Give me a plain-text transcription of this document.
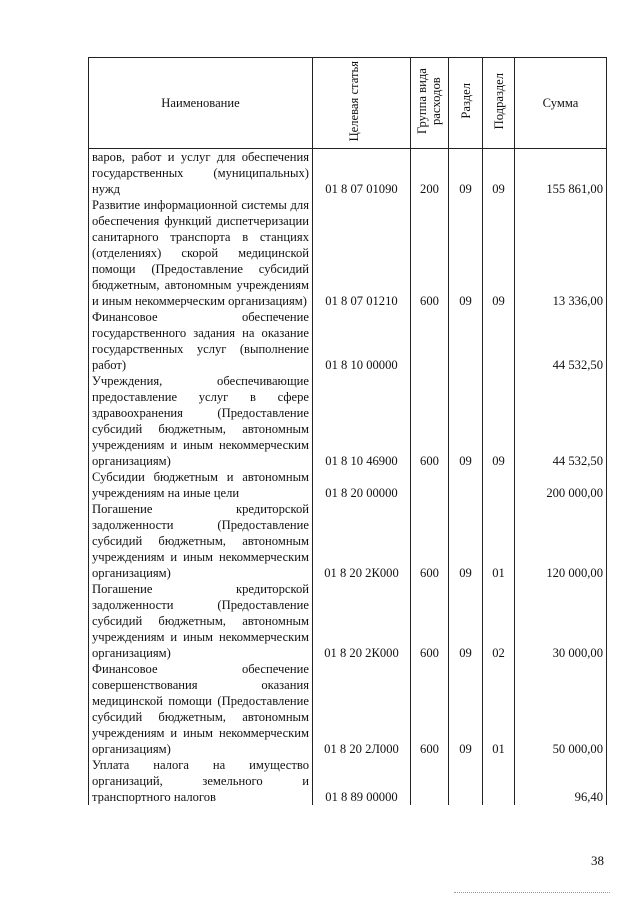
Наименование	Целевая статья	Группа вида расходов	Раздел	Подраздел	Сумма
варов, работ и услуг для обеспечения государственных (муниципальных) нужд	01 8 07 01090	200	09	09	155 861,00
Развитие информационной системы для обеспечения функций диспетчеризации санитарного транспорта в станциях (отделениях) скорой медицинской помощи (Предоставление субсидий бюджетным, автономным учреждениям и иным некоммерческим организациям)	01 8 07 01210	600	09	09	13 336,00
Финансовое обеспечение государственного задания на оказание государственных услуг (выполнение работ)	01 8 10 00000				44 532,50
Учреждения, обеспечивающие предоставление услуг в сфере здравоохранения (Предоставление субсидий бюджетным, автономным учреждениям и иным некоммерческим организациям)	01 8 10 46900	600	09	09	44 532,50
Субсидии бюджетным и автономным учреждениям на иные цели	01 8 20 00000				200 000,00
Погашение кредиторской задолженности (Предоставление субсидий бюджетным, автономным учреждениям и иным некоммерческим организациям)	01 8 20 2К000	600	09	01	120 000,00
Погашение кредиторской задолженности (Предоставление субсидий бюджетным, автономным учреждениям и иным некоммерческим организациям)	01 8 20 2К000	600	09	02	30 000,00
Финансовое обеспечение совершенствования оказания медицинской помощи (Предоставление субсидий бюджетным, автономным учреждениям и иным некоммерческим организациям)	01 8 20 2Л000	600	09	01	50 000,00
Уплата налога на имущество организаций, земельного и транспортного налогов	01 8 89 00000				96,40
38
